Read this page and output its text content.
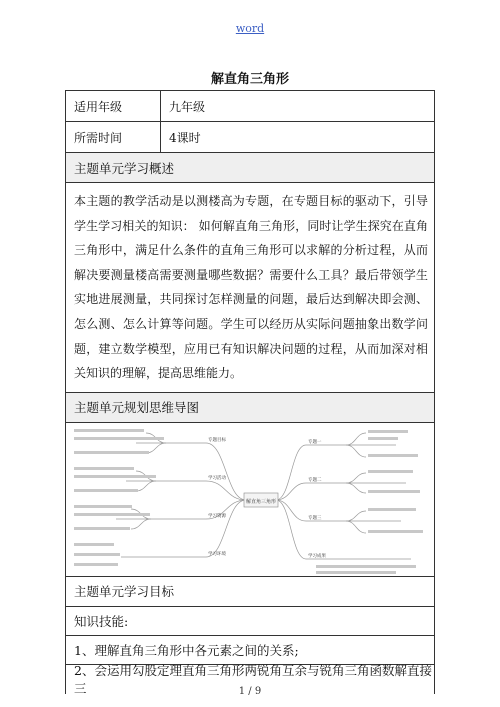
word
解直角三角形
适用年级	九年级
所需时间	4课时
主题单元学习概述
本主题的教学活动是以测楼高为专题，在专题目标的驱动下，引导学生学习相关的知识： 如何解直角三角形，同时让学生探究在直角三角形中，满足什么条件的直角三角形可以求解的分析过程，从而解决要测量楼高需要测量哪些数据？需要什么工具？最后带领学生实地进展测量，共同探讨怎样测量的问题，最后达到解决即会测、怎么测、怎么计算等问题。学生可以经历从实际问题抽象出数学问题，建立数学模型，应用已有知识解决问题的过程，从而加深对相关知识的理解，提高思维能力。
主题单元规划思维导图
解直角三角形
专题目标
学习活动
学习资源
学习环境
专题一
专题二
专题三
学习成果
主题单元学习目标
知识技能:
1、理解直角三角形中各元素之间的关系;
2、会运用勾股定理直角三角形两锐角互余与锐角三角函数解直接三	1 / 9
